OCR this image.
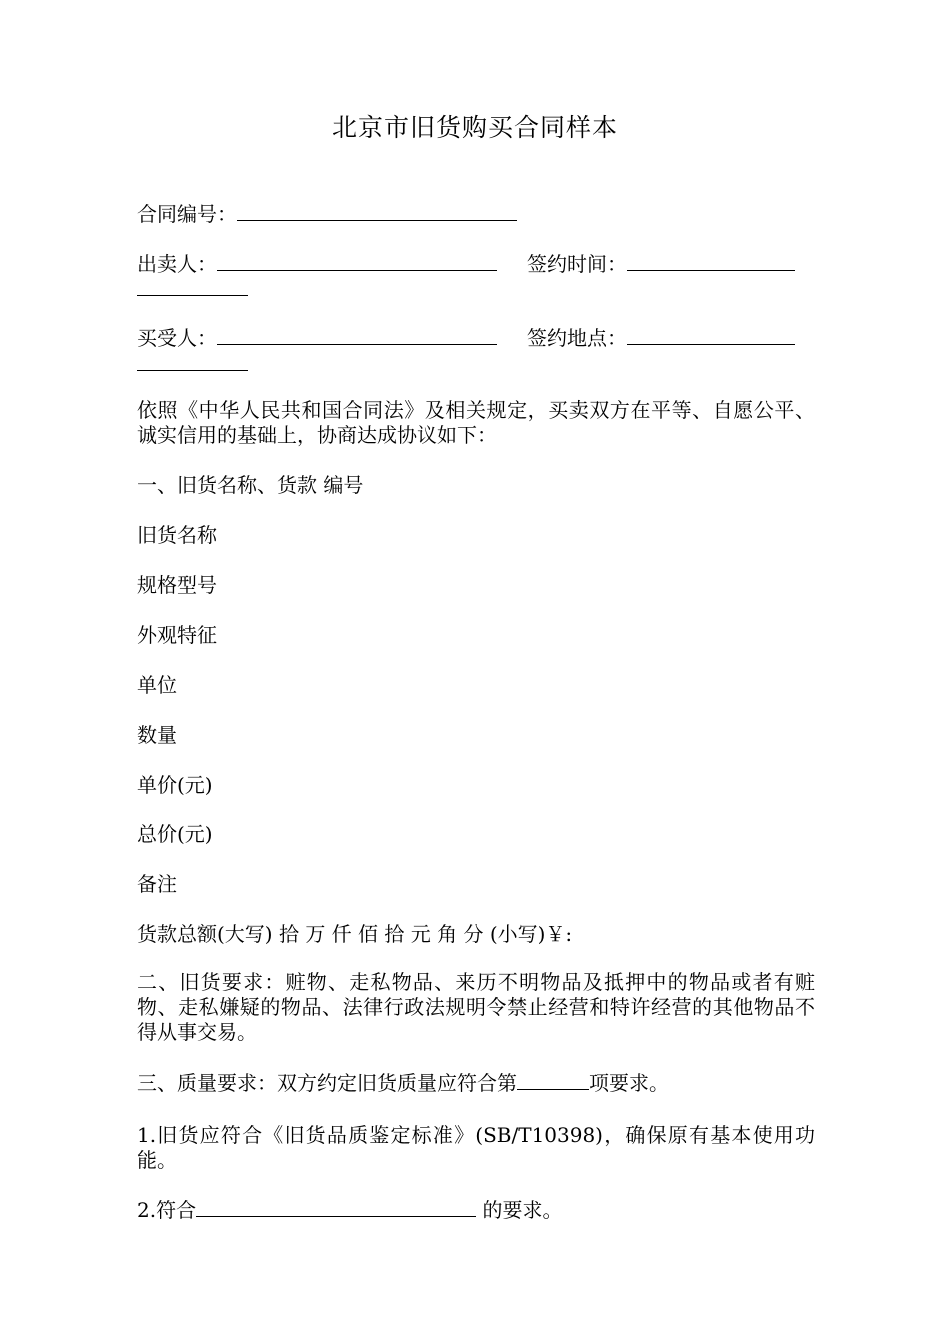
北京市旧货购买合同样本
合同编号：
出卖人：	签约时间：
买受人：	签约地点：
依照《中华人民共和国合同法》及相关规定，买卖双方在平等、自愿公平、诚实信用的基础上，协商达成协议如下：
一、旧货名称、货款 编号
旧货名称
规格型号
外观特征
单位
数量
单价(元)
总价(元)
备注
货款总额(大写) 拾 万 仟 佰 拾 元 角 分 (小写)￥:
二、旧货要求：赃物、走私物品、来历不明物品及抵押中的物品或者有赃物、走私嫌疑的物品、法律行政法规明令禁止经营和特许经营的其他物品不得从事交易。
三、质量要求：双方约定旧货质量应符合第	项要求。
1.旧货应符合《旧货品质鉴定标准》(SB/T10398)，确保原有基本使用功能。
2.符合	的要求。
